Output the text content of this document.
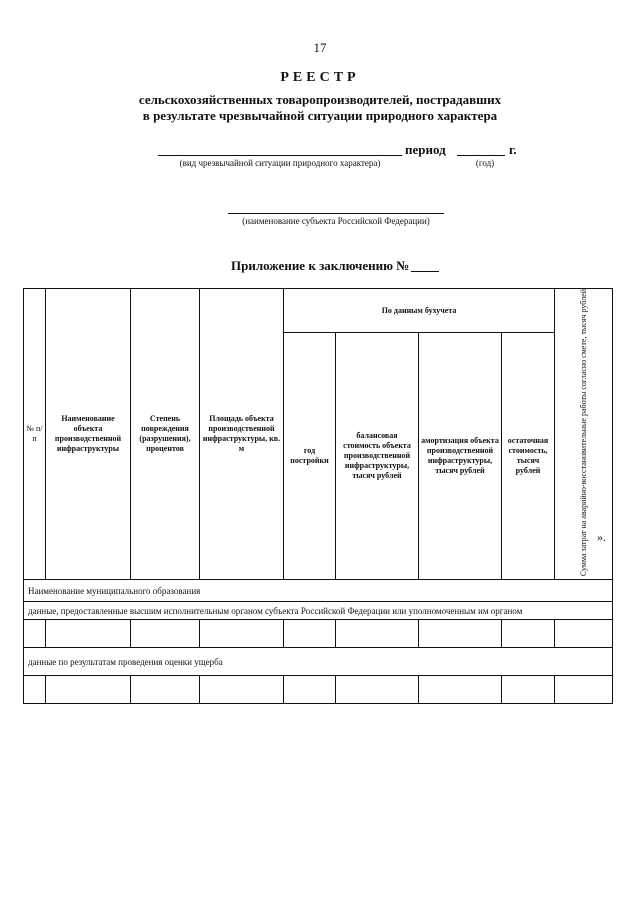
17
РЕЕСТР
сельскохозяйственных товаропроизводителей, пострадавших
в результате чрезвычайной ситуации природного характера
период	г.
(вид чрезвычайной ситуации природного характера)	(год)
(наименование субъекта Российской Федерации)
Приложение к заключению №
№ п/п	Наименование объекта производственной инфраструктуры	Степень повреждения (разрушения), процентов	Площадь объекта производственной инфраструктуры, кв. м	По данным бухучета				Сумма затрат на аварийно-восстановительные работы согласно смете, тысяч рублей
				год постройки	балансовая стоимость объекта производственной инфраструктуры, тысяч рублей	амортизация объекта производственной инфраструктуры, тысяч рублей	остаточная стоимость, тысяч рублей	
Наименование муниципального образования								
данные, предоставленные высшим исполнительным органом субъекта Российской Федерации или уполномоченным им органом								

данные по результатам проведения оценки ущерба								

».
